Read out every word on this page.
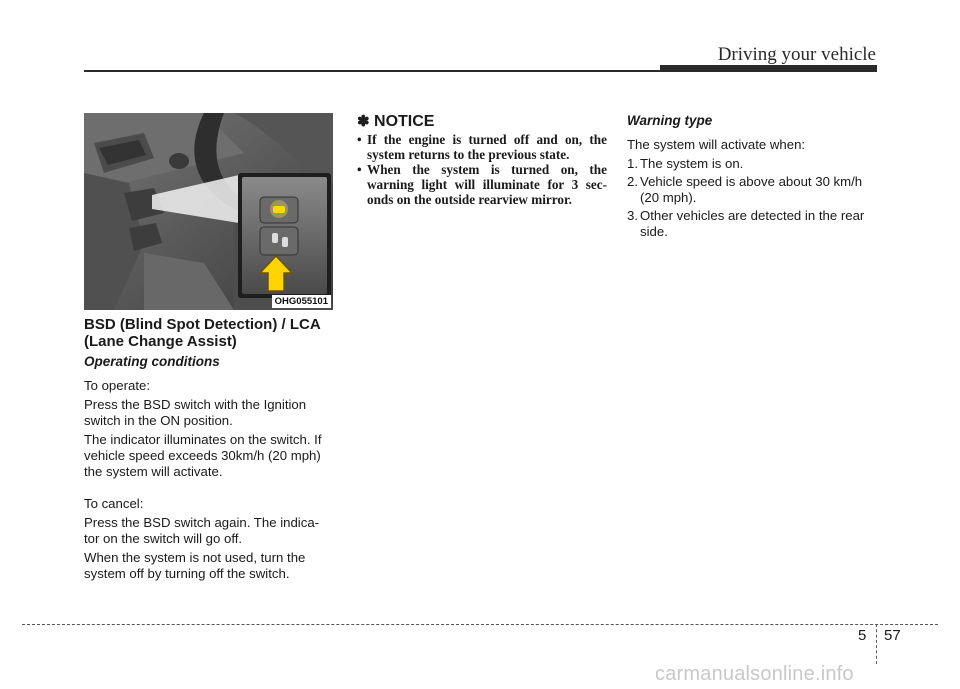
Driving your vehicle
OHG055101
BSD (Blind Spot Detection) / LCA
(Lane Change Assist)
Operating conditions

To operate:

Press the BSD switch with the Ignition switch in the ON position.

The indicator illuminates on the switch. If vehicle speed exceeds 30km/h (20 mph) the system will activate.

To cancel:

Press the BSD switch again. The indica-tor on the switch will go off.

When the system is not used, turn the system off by turning off the switch.

✽ NOTICE
• If the engine is turned off and on, the system returns to the previous state.
• When the system is turned on, the warning light will illuminate for 3 sec-onds on the outside rearview mirror.
Warning type

The system will activate when:

1. The system is on.
2. Vehicle speed is above about 30 km/h (20 mph).
3. Other vehicles are detected in the rear side.
5 57
carmanualsonline.info
